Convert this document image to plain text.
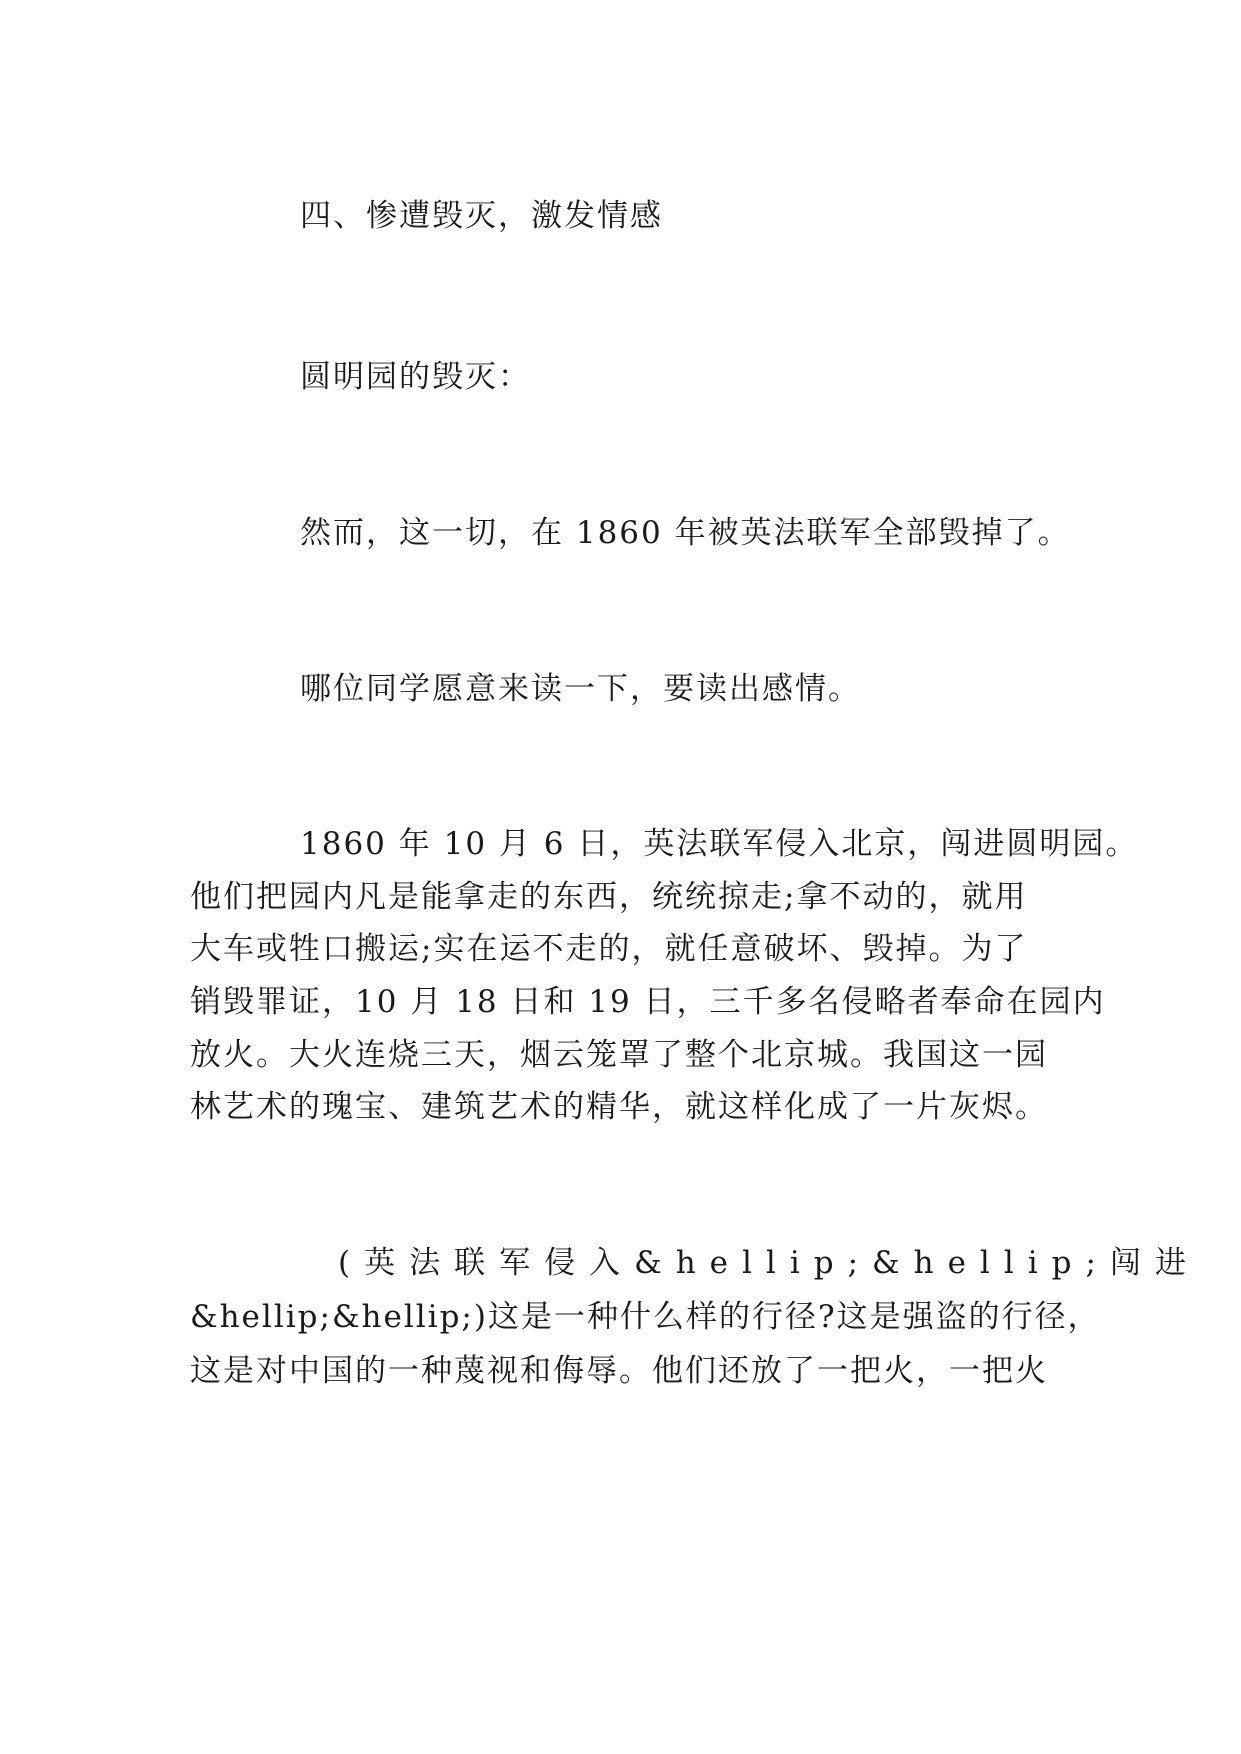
四、惨遭毁灭，激发情感
圆明园的毁灭：
然而，这一切，在 1860 年被英法联军全部毁掉了。
哪位同学愿意来读一下，要读出感情。
1860 年 10 月 6 日，英法联军侵入北京，闯进圆明园。
他们把园内凡是能拿走的东西，统统掠走;拿不动的，就用
大车或牲口搬运;实在运不走的，就任意破坏、毁掉。为了
销毁罪证，10 月 18 日和 19 日，三千多名侵略者奉命在园内
放火。大火连烧三天，烟云笼罩了整个北京城。我国这一园
林艺术的瑰宝、建筑艺术的精华，就这样化成了一片灰烬。
(英法联军侵入&hellip;&hellip;闯 进
&hellip;&hellip;)这是一种什么样的行径?这是强盗的行径，
这是对中国的一种蔑视和侮辱。他们还放了一把火，一把火
